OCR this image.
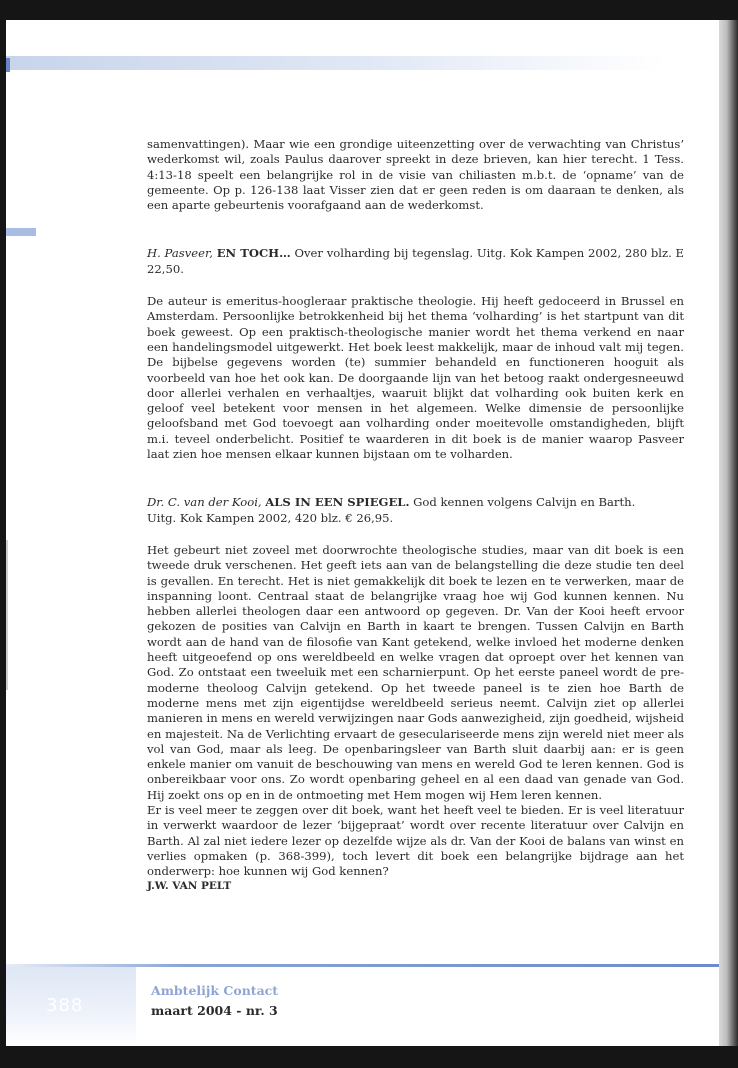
samenvattingen). Maar wie een grondige uiteenzetting over de verwachting van Christus’ wederkomst wil, zoals Paulus daarover spreekt in deze brieven, kan hier terecht. 1 Tess. 4:13-18 speelt een belangrijke rol in de visie van chiliasten m.b.t. de ‘opname’ van de gemeente. Op p. 126-138 laat Visser zien dat er geen reden is om daaraan te denken, als een aparte gebeurtenis voorafgaand aan de wederkomst.

H. Pasveer, EN TOCH… Over volharding bij tegenslag. Uitg. Kok Kampen 2002, 280 blz. E 22,50.

De auteur is emeritus-hoogleraar praktische theologie. Hij heeft gedoceerd in Brussel en Amsterdam. Persoonlijke betrokkenheid bij het thema ‘volharding’ is het startpunt van dit boek geweest. Op een praktisch-theologische manier wordt het thema verkend en naar een handelingsmodel uitgewerkt. Het boek leest makkelijk, maar de inhoud valt mij tegen. De bijbelse gegevens worden (te) summier behandeld en functioneren hooguit als voorbeeld van hoe het ook kan. De doorgaande lijn van het betoog raakt ondergesneeuwd door allerlei verhalen en verhaaltjes, waaruit blijkt dat volharding ook buiten kerk en geloof veel betekent voor mensen in het algemeen. Welke dimensie de persoonlijke geloofsband met God toevoegt aan volharding onder moeitevolle omstandigheden, blijft m.i. teveel onderbelicht. Positief te waarderen in dit boek is de manier waarop Pasveer laat zien hoe mensen elkaar kunnen bijstaan om te volharden.

Dr. C. van der Kooi, ALS IN EEN SPIEGEL. God kennen volgens Calvijn en Barth.
Uitg. Kok Kampen 2002, 420 blz. € 26,95.

Het gebeurt niet zoveel met doorwrochte theologische studies, maar van dit boek is een tweede druk verschenen. Het geeft iets aan van de belangstelling die deze studie ten deel is gevallen. En terecht. Het is niet gemakkelijk dit boek te lezen en te verwerken, maar de inspanning loont. Centraal staat de belangrijke vraag hoe wij God kunnen kennen. Nu hebben allerlei theologen daar een antwoord op gegeven. Dr. Van der Kooi heeft ervoor gekozen de posities van Calvijn en Barth in kaart te brengen. Tussen Calvijn en Barth wordt aan de hand van de filosofie van Kant getekend, welke invloed het moderne denken heeft uitgeoefend op ons wereldbeeld en welke vragen dat oproept over het kennen van God. Zo ontstaat een tweeluik met een scharnierpunt. Op het eerste paneel wordt de pre-moderne theoloog Calvijn getekend. Op het tweede paneel is te zien hoe Barth de moderne mens met zijn eigentijdse wereldbeeld serieus neemt. Calvijn ziet op allerlei manieren in mens en wereld verwijzingen naar Gods aanwezigheid, zijn goedheid, wijsheid en majesteit. Na de Verlichting ervaart de geseculariseerde mens zijn wereld niet meer als vol van God, maar als leeg. De openbaringsleer van Barth sluit daarbij aan: er is geen enkele manier om vanuit de beschouwing van mens en wereld God te leren kennen. God is onbereikbaar voor ons. Zo wordt openbaring geheel en al een daad van genade van God. Hij zoekt ons op en in de ontmoeting met Hem mogen wij Hem leren kennen.

Er is veel meer te zeggen over dit boek, want het heeft veel te bieden. Er is veel literatuur in verwerkt waardoor de lezer ‘bijgepraat’ wordt over recente literatuur over Calvijn en Barth. Al zal niet iedere lezer op dezelfde wijze als dr. Van der Kooi de balans van winst en verlies opmaken (p. 368-399), toch levert dit boek een belangrijke bijdrage aan het onderwerp: hoe kunnen wij God kennen?

J.W. VAN PELT

388
Ambtelijk Contact
maart 2004 - nr. 3
